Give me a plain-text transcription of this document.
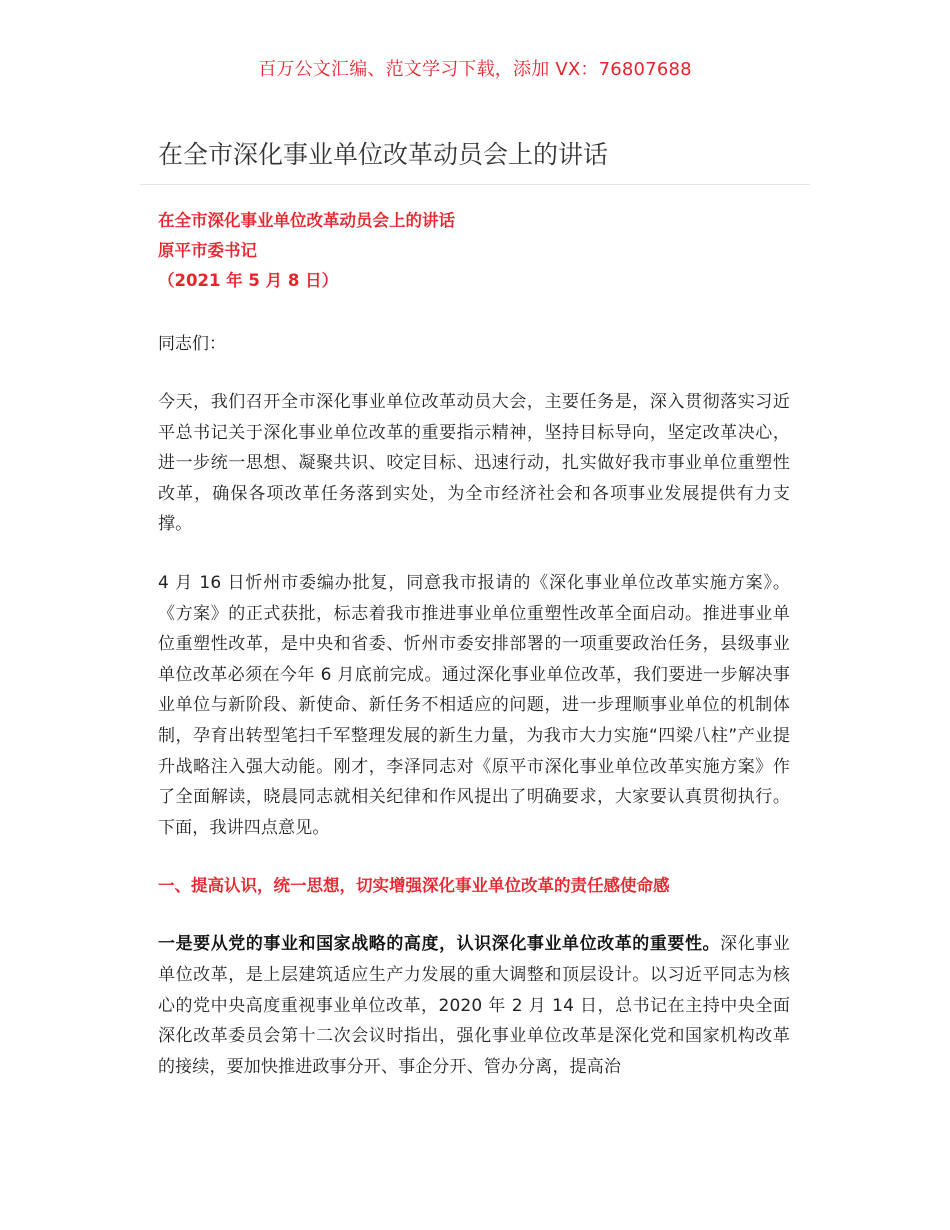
百万公文汇编、范文学习下载，添加 VX：76807688
在全市深化事业单位改革动员会上的讲话
在全市深化事业单位改革动员会上的讲话
原平市委书记
（2021 年 5 月 8 日）
同志们：

今天，我们召开全市深化事业单位改革动员大会，主要任务是，深入贯彻落实习近平总书记关于深化事业单位改革的重要指示精神，坚持目标导向，坚定改革决心，进一步统一思想、凝聚共识、咬定目标、迅速行动，扎实做好我市事业单位重塑性改革，确保各项改革任务落到实处，为全市经济社会和各项事业发展提供有力支撑。

4 月 16 日忻州市委编办批复，同意我市报请的《深化事业单位改革实施方案》。《方案》的正式获批，标志着我市推进事业单位重塑性改革全面启动。推进事业单位重塑性改革，是中央和省委、忻州市委安排部署的一项重要政治任务，县级事业单位改革必须在今年 6 月底前完成。通过深化事业单位改革，我们要进一步解决事业单位与新阶段、新使命、新任务不相适应的问题，进一步理顺事业单位的机制体制，孕育出转型笔扫千军整理发展的新生力量，为我市大力实施“四梁八柱”产业提升战略注入强大动能。刚才，李泽同志对《原平市深化事业单位改革实施方案》作了全面解读，晓晨同志就相关纪律和作风提出了明确要求，大家要认真贯彻执行。下面，我讲四点意见。

一、提高认识，统一思想，切实增强深化事业单位改革的责任感使命感

一是要从党的事业和国家战略的高度，认识深化事业单位改革的重要性。深化事业单位改革，是上层建筑适应生产力发展的重大调整和顶层设计。以习近平同志为核心的党中央高度重视事业单位改革，2020 年 2 月 14 日，总书记在主持中央全面深化改革委员会第十二次会议时指出，强化事业单位改革是深化党和国家机构改革的接续，要加快推进政事分开、事企分开、管办分离，提高治
